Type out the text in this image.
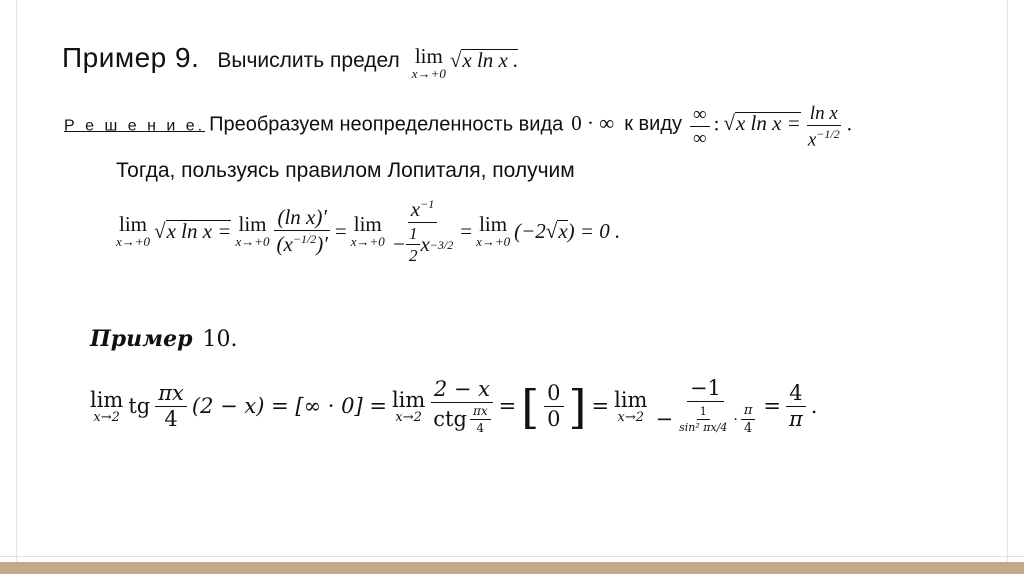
Пример 9. Вычислить предел lim
x→+0
√x ln x .
Р е ш е н и е. Преобразуем неопределенность вида 0 · ∞ к виду $\frac{\infty}{\infty}$ : √x $\ln x = \frac{\text{ln x}}{x^{-1/2}}$ .
Тогда, пользуясь правилом Лопиталя, получим
lim
x→+0 √x ln x = lim
$x\to+0 \frac{\text{(ln x)′}}{(x^{-1/2})'} = \lim$
$x\to+0 \frac{x^{-1}}{- \frac{1}{2} x -3/2} = \lim$
x→+0 (−2√x) = 0 .
Пример 10.
lim
x→2 tg $\frac{\pi x}{4} (2 - x)$ = [∞ · 0] = lim
$x\to 2 \frac{2 - x}{ctg \frac{\pi x}{4}}$ = [ $\frac{0}{0}$ ] = lim
$x\to 2 \frac{-1}{- \frac{1}{\text{sin² πx/4}} \cdot \frac{\pi}{4}} = \frac{4}{\pi}$ .
